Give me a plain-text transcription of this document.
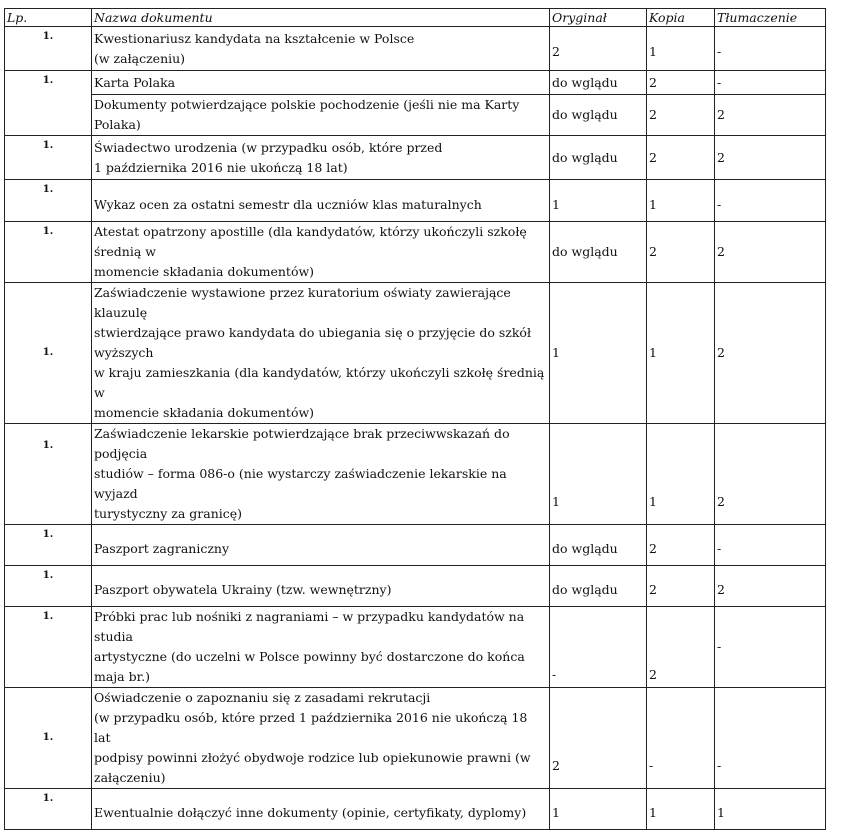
Lp.	Nazwa dokumentu	Oryginał	Kopia	Tłumaczenie
1.	Kwestionariusz kandydata na kształcenie w Polsce
(w załączeniu)	2	1	-
1.	Karta Polaka	do wglądu	2	-

	Dokumenty potwierdzające polskie pochodzenie (jeśli nie ma Karty Polaka)	do wglądu	2	2
1.	Świadectwo urodzenia (w przypadku osób, które przed
1 października 2016 nie ukończą 18 lat)	do wglądu	2	2
1.	Wykaz ocen za ostatni semestr dla uczniów klas maturalnych	1	1	-
1.	Atestat opatrzony apostille (dla kandydatów, którzy ukończyli szkołę średnią w
momencie składania dokumentów)	do wglądu	2	2
1.	Zaświadczenie wystawione przez kuratorium oświaty zawierające klauzulę
stwierdzające prawo kandydata do ubiegania się o przyjęcie do szkół wyższych
w kraju zamieszkania (dla kandydatów, którzy ukończyli szkołę średnią w
momencie składania dokumentów)	1	1	2
1.	Zaświadczenie lekarskie potwierdzające brak przeciwwskazań do podjęcia
studiów – forma 086-o (nie wystarczy zaświadczenie lekarskie na wyjazd
turystyczny za granicę)	1	1	2
1.	Paszport zagraniczny	do wglądu	2	-
1.	Paszport obywatela Ukrainy (tzw. wewnętrzny)	do wglądu	2	2
1.	Próbki prac lub nośniki z nagraniami – w przypadku kandydatów na studia
artystyczne (do uczelni w Polsce powinny być dostarczone do końca maja br.)	-	2	-
1.	Oświadczenie o zapoznaniu się z zasadami rekrutacji
(w przypadku osób, które przed 1 października 2016 nie ukończą 18 lat
podpisy powinni złożyć obydwoje rodzice lub opiekunowie prawni (w
załączeniu)	2	-	-
1.	Ewentualnie dołączyć inne dokumenty (opinie, certyfikaty, dyplomy)	1	1	1
